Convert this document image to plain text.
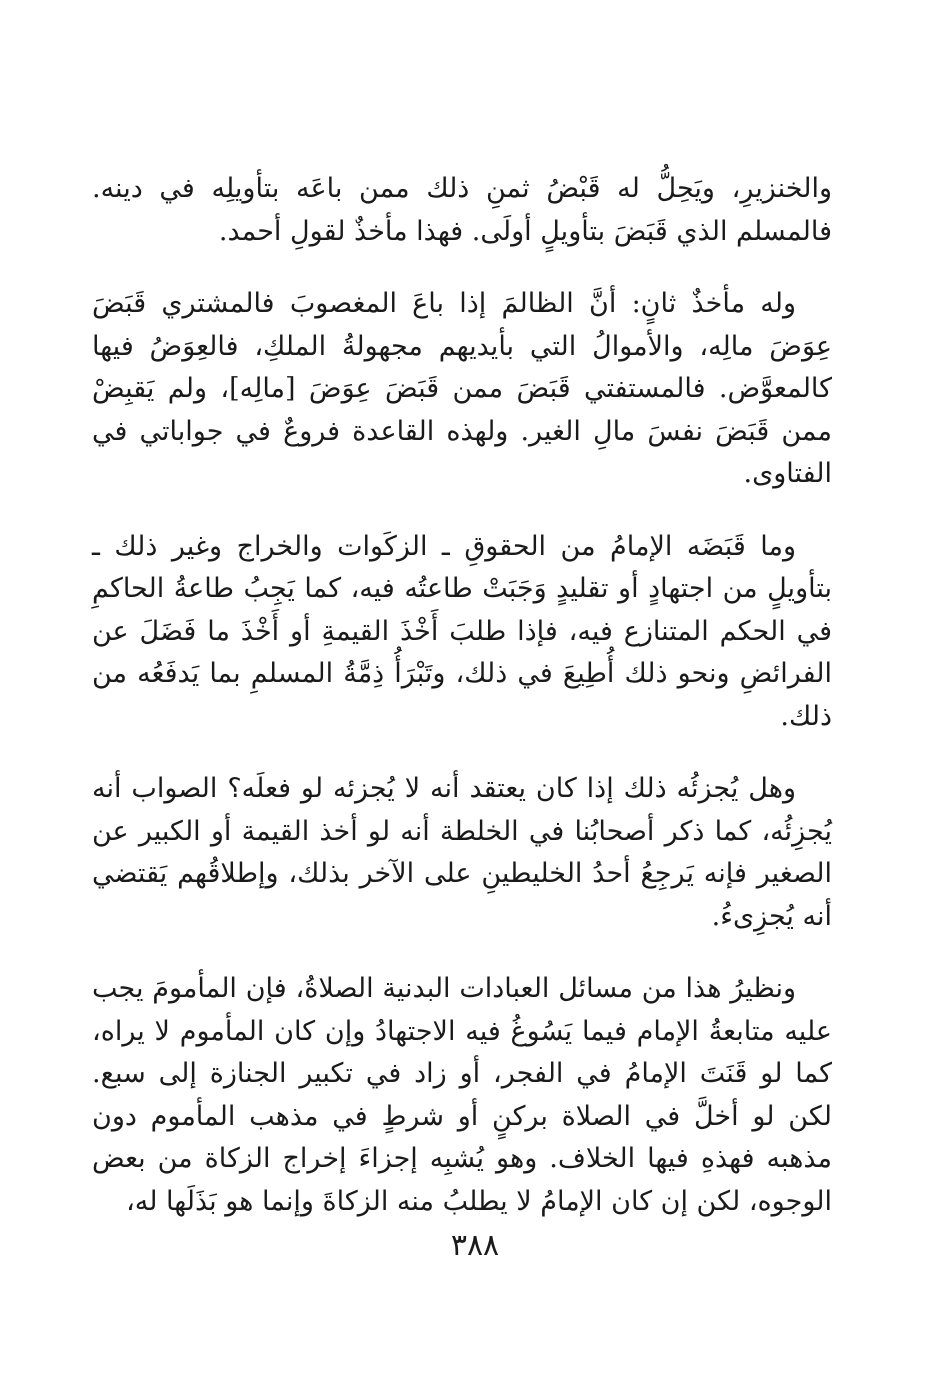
والخنزيرِ، ويَحِلُّ له قَبْضُ ثمنِ ذلك ممن باعَه بتأويلِه في دينه. فالمسلم الذي قَبَضَ بتأويلٍ أولَى. فهذا مأخذٌ لقولِ أحمد.

وله مأخذٌ ثانٍ: أنَّ الظالمَ إذا باعَ المغصوبَ فالمشتري قَبَضَ عِوَضَ مالِه، والأموالُ التي بأيديهم مجهولةُ الملكِ، فالعِوَضُ فيها كالمعوَّض. فالمستفتي قَبَضَ ممن قَبَضَ عِوَضَ [مالِه]، ولم يَقبِضْ ممن قَبَضَ نفسَ مالِ الغير. ولهذه القاعدة فروعٌ في جواباتي في الفتاوى.

وما قَبَضَه الإمامُ من الحقوقِ ـ الزكَوات والخراج وغير ذلك ـ بتأويلٍ من اجتهادٍ أو تقليدٍ وَجَبَتْ طاعتُه فيه، كما يَجِبُ طاعةُ الحاكمِ في الحكم المتنازع فيه، فإذا طلبَ أَخْذَ القيمةِ أو أَخْذَ ما فَضَلَ عن الفرائضِ ونحو ذلك أُطِيعَ في ذلك، وتَبْرَأُ ذِمَّةُ المسلمِ بما يَدفَعُه من ذلك.

وهل يُجزئُه ذلك إذا كان يعتقد أنه لا يُجزئه لو فعلَه؟ الصواب أنه يُجزِئُه، كما ذكر أصحابُنا في الخلطة أنه لو أخذ القيمة أو الكبير عن الصغير فإنه يَرجِعُ أحدُ الخليطينِ على الآخر بذلك، وإطلاقُهم يَقتضي أنه يُجزِىءُ.

ونظيرُ هذا من مسائل العبادات البدنية الصلاةُ، فإن المأمومَ يجب عليه متابعةُ الإمام فيما يَسُوغُ فيه الاجتهادُ وإن كان المأموم لا يراه، كما لو قَنَتَ الإمامُ في الفجر، أو زاد في تكبير الجنازة إلى سبع. لكن لو أخلَّ في الصلاة بركنٍ أو شرطٍ في مذهب المأموم دون مذهبه فهذهِ فيها الخلاف. وهو يُشبِه إجزاءَ إخراج الزكاة من بعض الوجوه، لكن إن كان الإمامُ لا يطلبُ منه الزكاةَ وإنما هو بَذَلَها له،

٣٨٨
